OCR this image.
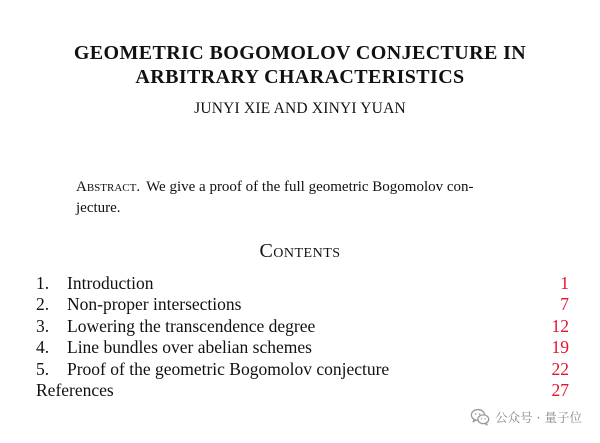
GEOMETRIC BOGOMOLOV CONJECTURE IN
ARBITRARY CHARACTERISTICS
JUNYI XIE AND XINYI YUAN
Abstract. We give a proof of the full geometric Bogomolov con-
jecture.
Contents
1.	Introduction	1
2.	Non-proper intersections	7
3.	Lowering the transcendence degree	12
4.	Line bundles over abelian schemes	19
5.	Proof of the geometric Bogomolov conjecture	22
References	27
公众号 · 量子位
